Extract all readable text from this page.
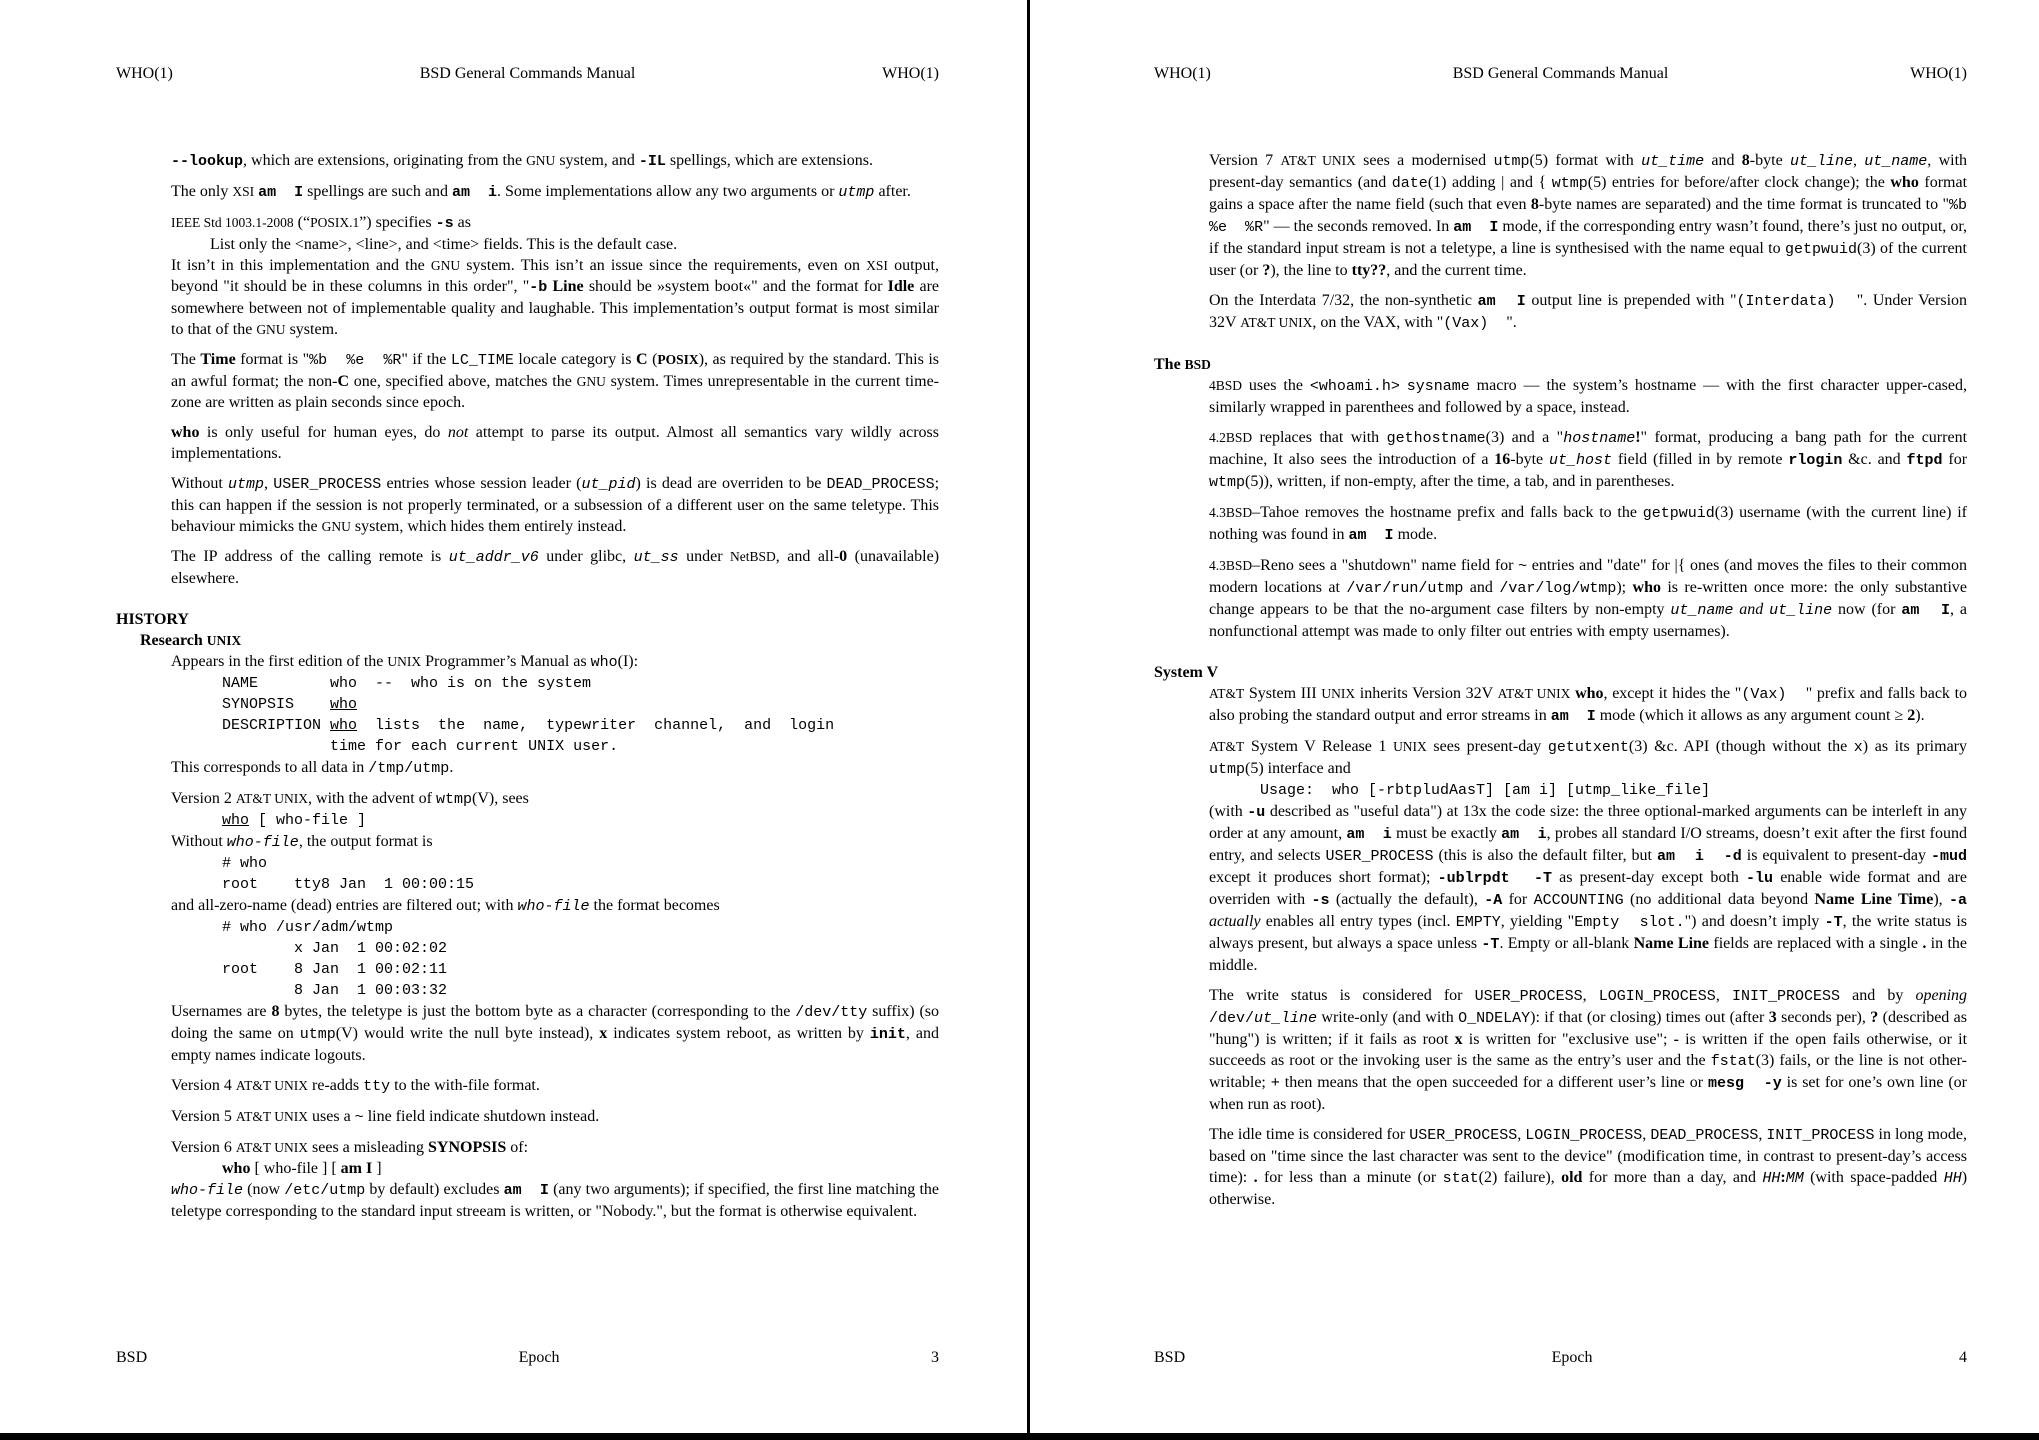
WHO(1)	BSD General Commands Manual	WHO(1)
--lookup, which are extensions, originating from the GNU system, and -IL spellings, which are extensions.
The only XSI am  I spellings are such and am  i. Some implementations allow any two arguments or utmp after.
IEEE Std 1003.1-2008 (“POSIX.1”) specifies -s as
List only the <name>, <line>, and <time> fields. This is the default case.
It isn’t in this implementation and the GNU system. This isn’t an issue since the requirements, even on XSI output, beyond "it should be in these columns in this order", "-b Line should be »system boot«" and the format for Idle are somewhere between not of implementable quality and laughable. This implementation’s output format is most similar to that of the GNU system.
The Time format is "%b  %e  %R" if the LC_TIME locale category is C (POSIX), as required by the standard. This is an awful format; the non-C one, specified above, matches the GNU system. Times unrepresentable in the current time-zone are written as plain seconds since epoch.
who is only useful for human eyes, do not attempt to parse its output. Almost all semantics vary wildly across implementations.
Without utmp, USER_PROCESS entries whose session leader (ut_pid) is dead are overriden to be DEAD_PROCESS; this can happen if the session is not properly terminated, or a subsession of a different user on the same teletype. This behaviour mimicks the GNU system, which hides them entirely instead.
The IP address of the calling remote is ut_addr_v6 under glibc, ut_ss under NetBSD, and all-0 (unavailable) elsewhere.
HISTORY
Research UNIX
Appears in the first edition of the UNIX Programmer’s Manual as who(I):
NAME        who  --  who is on the system
SYNOPSIS    who
DESCRIPTION who  lists  the  name,  typewriter  channel,  and  login
time for each current UNIX user.
This corresponds to all data in /tmp/utmp.
Version 2 AT&T UNIX, with the advent of wtmp(V), sees
who [ who-file ]
Without who-file, the output format is
# who
root    tty8 Jan  1 00:00:15
and all-zero-name (dead) entries are filtered out; with who-file the format becomes
# who /usr/adm/wtmp
x Jan  1 00:02:02
root    8 Jan  1 00:02:11
8 Jan  1 00:03:32
Usernames are 8 bytes, the teletype is just the bottom byte as a character (corresponding to the /dev/tty suffix) (so doing the same on utmp(V) would write the null byte instead), x indicates system reboot, as written by init, and empty names indicate logouts.
Version 4 AT&T UNIX re-adds tty to the with-file format.
Version 5 AT&T UNIX uses a ~ line field indicate shutdown instead.
Version 6 AT&T UNIX sees a misleading SYNOPSIS of:
who [ who-file ] [ am I ]
who-file (now /etc/utmp by default) excludes am  I (any two arguments); if specified, the first line matching the teletype corresponding to the standard input streeam is written, or "Nobody.", but the format is otherwise equivalent.
BSD	Epoch	3
WHO(1)	BSD General Commands Manual	WHO(1)
Version 7 AT&T UNIX sees a modernised utmp(5) format with ut_time and 8-byte ut_line, ut_name, with present-day semantics (and date(1) adding | and { wtmp(5) entries for before/after clock change); the who format gains a space after the name field (such that even 8-byte names are separated) and the time format is truncated to "%b  %e  %R" — the seconds removed. In am  I mode, if the corresponding entry wasn’t found, there’s just no output, or, if the standard input stream is not a teletype, a line is synthesised with the name equal to getpwuid(3) of the current user (or ?), the line to tty??, and the current time.
On the Interdata 7/32, the non-synthetic am  I output line is prepended with "(Interdata)  ". Under Version 32V AT&T UNIX, on the VAX, with "(Vax)  ".
The BSD
4BSD uses the <whoami.h> sysname macro — the system’s hostname — with the first character upper-cased, similarly wrapped in parenthees and followed by a space, instead.
4.2BSD replaces that with gethostname(3) and a "hostname!" format, producing a bang path for the current machine, It also sees the introduction of a 16-byte ut_host field (filled in by remote rlogin &c. and ftpd for wtmp(5)), written, if non-empty, after the time, a tab, and in parentheses.
4.3BSD–Tahoe removes the hostname prefix and falls back to the getpwuid(3) username (with the current line) if nothing was found in am  I mode.
4.3BSD–Reno sees a "shutdown" name field for ~ entries and "date" for |{ ones (and moves the files to their common modern locations at /var/run/utmp and /var/log/wtmp); who is re-written once more: the only substantive change appears to be that the no-argument case filters by non-empty ut_name and ut_line now (for am  I, a nonfunctional attempt was made to only filter out entries with empty usernames).
System V
AT&T System III UNIX inherits Version 32V AT&T UNIX who, except it hides the "(Vax)  " prefix and falls back to also probing the standard output and error streams in am  I mode (which it allows as any argument count ≥ 2).
AT&T System V Release 1 UNIX sees present-day getutxent(3) &c. API (though without the x) as its primary utmp(5) interface and
Usage:  who [-rbtpludAasT] [am i] [utmp_like_file]
(with -u described as "useful data") at 13x the code size: the three optional-marked arguments can be interleft in any order at any amount, am  i must be exactly am  i, probes all standard I/O streams, doesn’t exit after the first found entry, and selects USER_PROCESS (this is also the default filter, but am  i  -d is equivalent to present-day -mud except it produces short format); -ublrpdt  -T as present-day except both -lu enable wide format and are overriden with -s (actually the default), -A for ACCOUNTING (no additional data beyond Name Line Time), -a actually enables all entry types (incl. EMPTY, yielding "Empty  slot.") and doesn’t imply -T, the write status is always present, but always a space unless -T. Empty or all-blank Name Line fields are replaced with a single . in the middle.
The write status is considered for USER_PROCESS, LOGIN_PROCESS, INIT_PROCESS and by opening /dev/ut_line write-only (and with O_NDELAY): if that (or closing) times out (after 3 seconds per), ? (described as "hung") is written; if it fails as root x is written for "exclusive use"; - is written if the open fails otherwise, or it succeeds as root or the invoking user is the same as the entry’s user and the fstat(3) fails, or the line is not other-writable; + then means that the open succeeded for a different user’s line or mesg  -y is set for one’s own line (or when run as root).
The idle time is considered for USER_PROCESS, LOGIN_PROCESS, DEAD_PROCESS, INIT_PROCESS in long mode, based on "time since the last character was sent to the device" (modification time, in contrast to present-day’s access time): . for less than a minute (or stat(2) failure), old for more than a day, and HH:MM (with space-padded HH) otherwise.
BSD	Epoch	4
